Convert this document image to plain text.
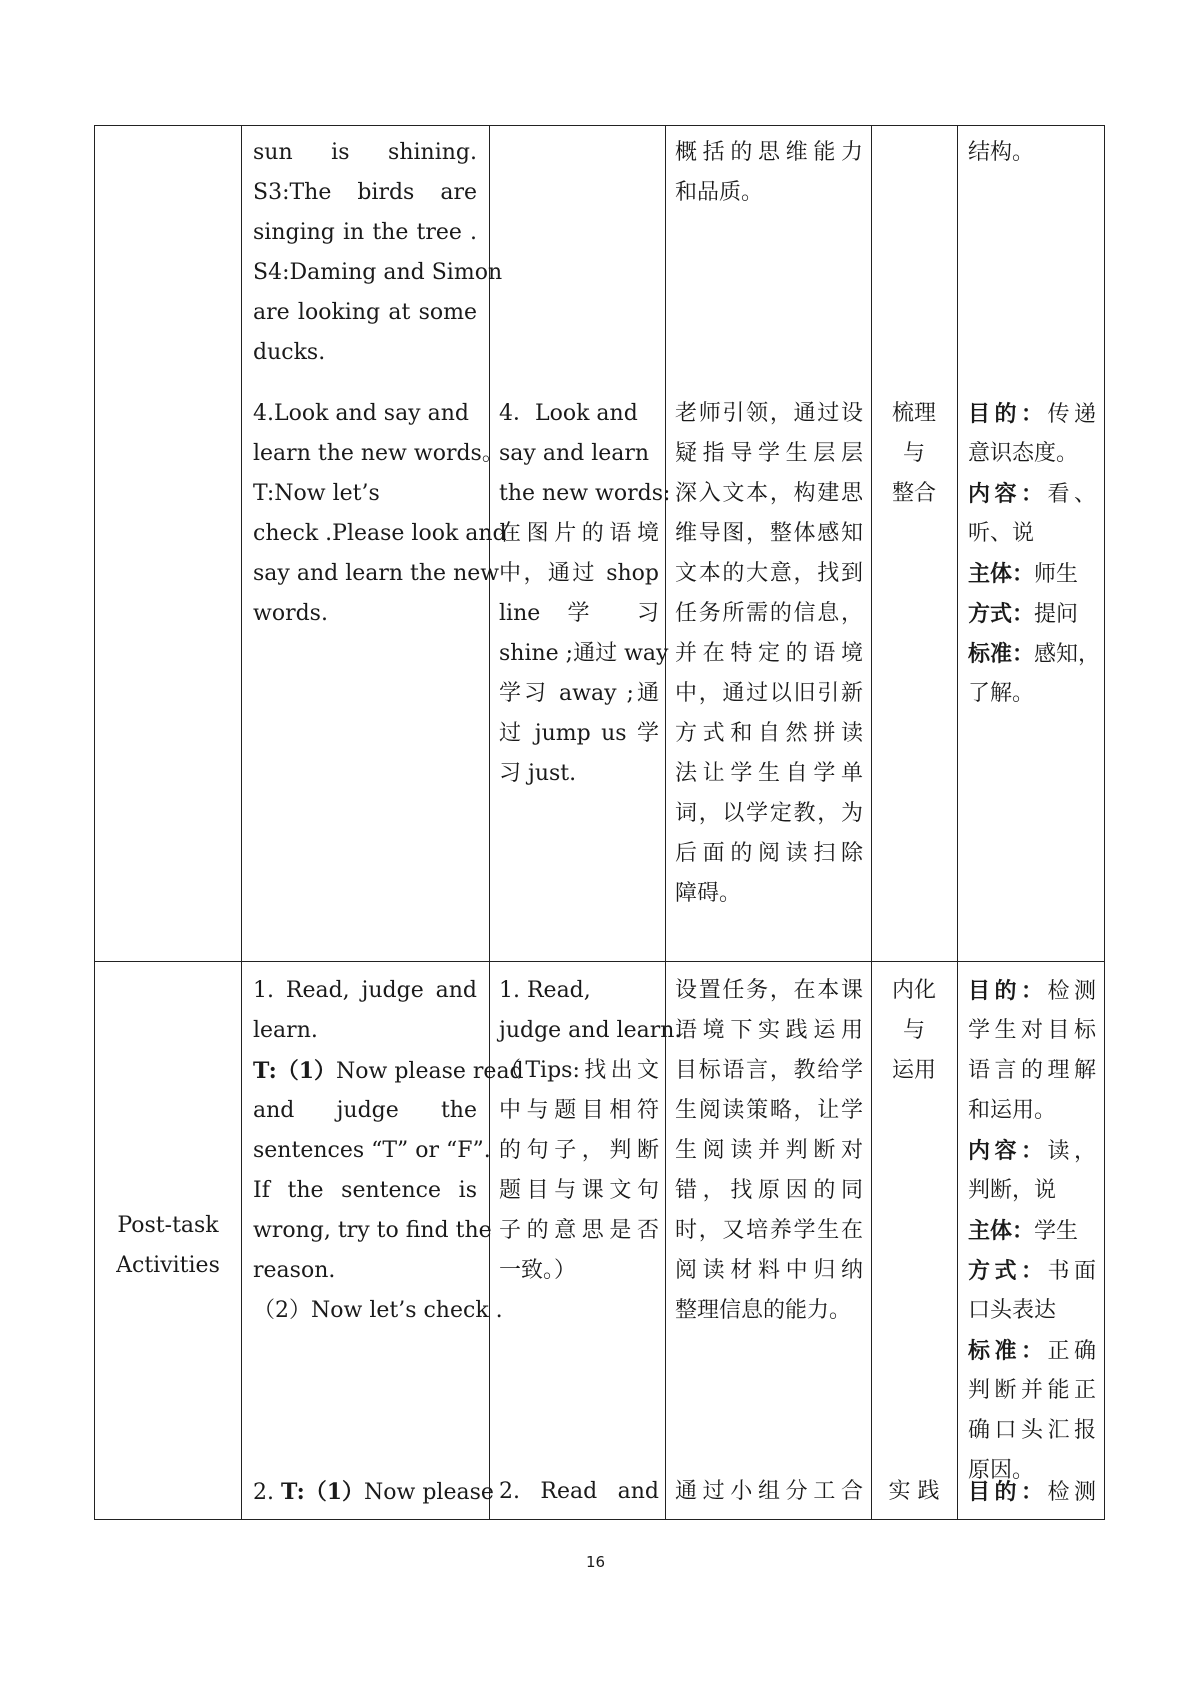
sun is shining.
S3:The birds are
singing in the tree .
S4:Daming and Simon
are looking at some
ducks.
概括的思维能力
和品质。
结构。
4.Look and say and
learn the new words。
T:Now let’s
check .Please look and
say and learn the new
words.
4．Look and
say and learn
the new words:
在图片的语境
中，通过 shop
line 学 习
shine ;通过 way
学习 away ;通
过 jump us 学
习 just.
老师引领，通过设
疑指导学生层层
深入文本，构建思
维导图，整体感知
文本的大意，找到
任务所需的信息，
并在特定的语境
中，通过以旧引新
方式和自然拼读
法让学生自学单
词，以学定教，为
后面的阅读扫除
障碍。
梳理
与
整合
目的：传递
意识态度。
内容：看、
听、说
主体：师生
方式：提问
标准：感知，
了解。
Post-task
Activities
1. Read, judge and
learn.
T:（1）Now please read
and judge the
sentences “T” or “F”.
If the sentence is
wrong, try to find the
reason.
（2）Now let’s check .
1. Read,
judge and learn.
（Tips:找出文
中与题目相符
的句子，判断
题目与课文句
子的意思是否
一致。）
设置任务，在本课
语境下实践运用
目标语言，教给学
生阅读策略，让学
生阅读并判断对
错，找原因的同
时，又培养学生在
阅读材料中归纳
整理信息的能力。
内化
与
运用
目的：检测
学生对目标
语言的理解
和运用。
内容：读，
判断，说
主体：学生
方式：书面
口头表达
标准：正确
判断并能正
确口头汇报
原因。
2. T:（1）Now please 2. Read and 通过小组分工合	实 践	目的：检测
16
